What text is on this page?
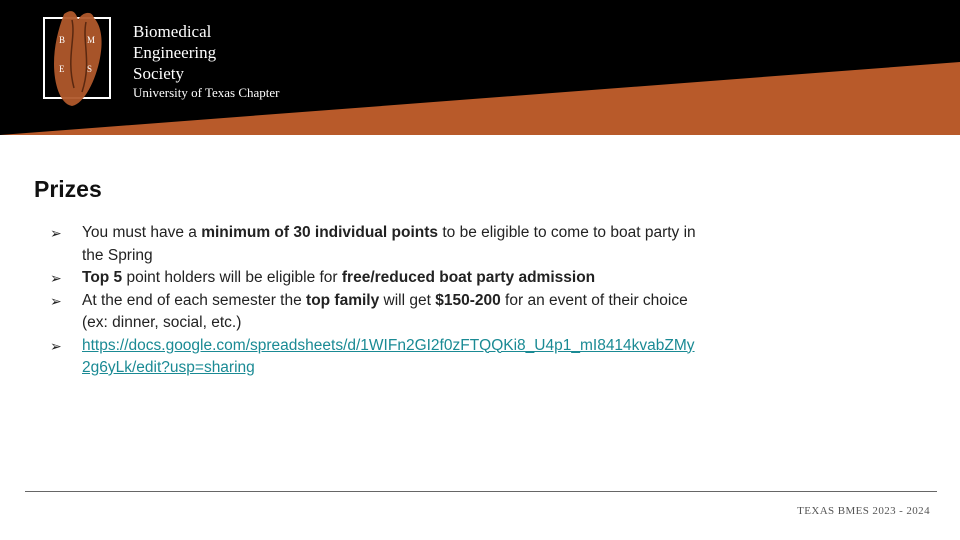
B M
E	S
Biomedical
Engineering
Society
University of Texas Chapter
Prizes
➢ You must have a minimum of 30 individual points to be eligible to come to boat party in the Spring
➢ Top 5 point holders will be eligible for free/reduced boat party admission
➢ At the end of each semester the top family will get $150-200 for an event of their choice (ex: dinner, social, etc.)
➢ https://docs.google.com/spreadsheets/d/1WIFn2GI2f0zFTQQKi8_U4p1_mI8414kvabZMy2g6yLk/edit?usp=sharing
TEXAS BMES 2023 - 2024
